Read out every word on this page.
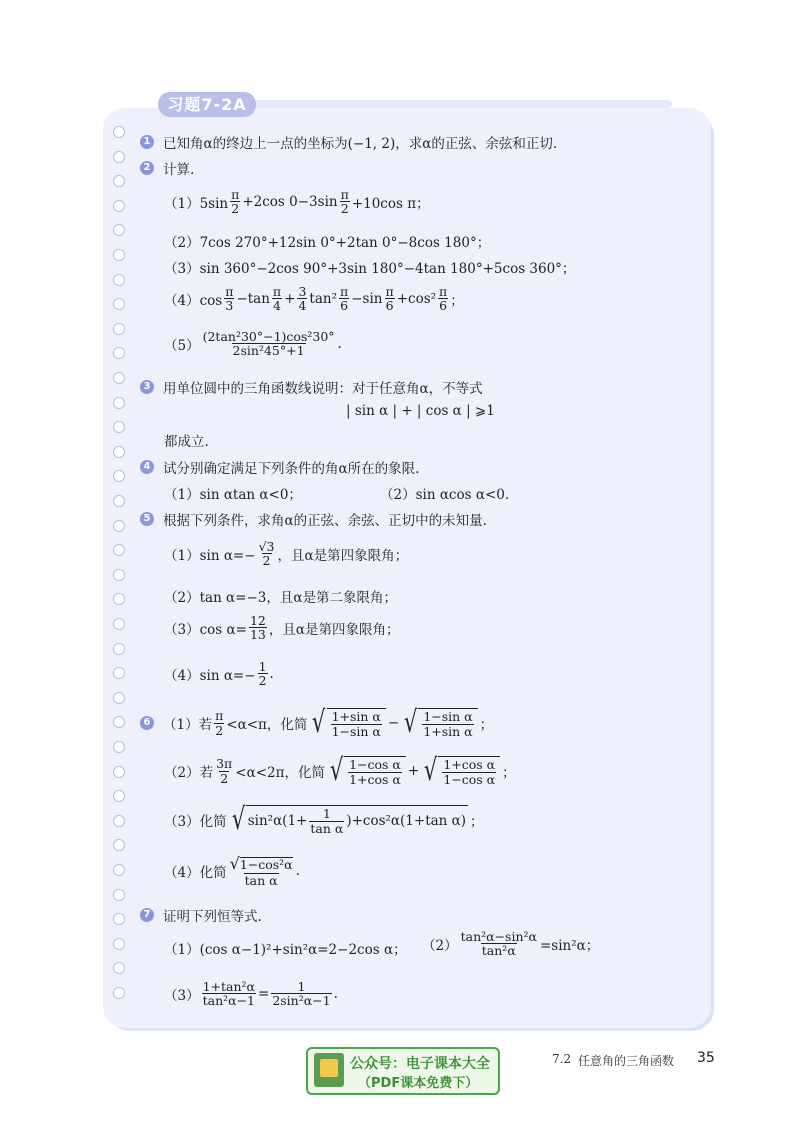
习题7-2A
1 已知角α的终边上一点的坐标为(−1, 2)，求α的正弦、余弦和正切.
2 计算.
$(1)5\sin \frac{\pi}{2} +2\cos$ $0-3\sin \frac{\pi}{2} +10\cos$ π；
（2）7cos 270°+12sin 0°+2tan 0°−8cos 180°；
（3）sin 360°−2cos 90°+3sin 180°−4tan 180°+5cos 360°；
$(4)\cos \frac{\pi}{3} -\tan \frac{\pi}{4} + \frac{3}{4} \tan^2 \frac{\pi}{6} -\sin \frac{\pi}{6} +\cos^2 \frac{\pi}{6}$ ；
$(5) \frac{\text{(2tan²30°−1)cos²30°}}{\text{2sin²45°+1}}$ .
3 用单位圆中的三角函数线说明：对于任意角α，不等式
| sin α | + | cos α | ⩾1
都成立.
4 试分别确定满足下列条件的角α所在的象限.
（1）sin αtan α<0；	（2）sin αcos α<0.
5 根据下列条件，求角α的正弦、余弦、正切中的未知量.
（1）sin $\alpha=- \frac{√3}{2}$ ，且α是第四象限角；
（2）tan α=−3，且α是第二象限角；
（3）cos $\alpha= \frac{12}{13}$ ，且α是第四象限角；
（4）sin $\alpha=- \frac{1}{2}$ .
6 （1）若 $\frac{\pi}{2} <\alpha<\pi$，化简 √ $\frac{\text{1+sin α}}{\text{1−sin α}}$ − √ $\frac{\text{1−sin α}}{\text{1+sin α}}$ ；
（2）若 $\frac{3\pi}{2} <\alpha<2\pi$，化简 √ $\frac{\text{1−cos α}}{\text{1+cos α}}$ + √ $\frac{\text{1+cos α}}{\text{1−cos α}}$ ；
（3）化简 √ $\sin^2\alpha(1+ \frac{1}{\text{tan α}} )+\cos^2\alpha(1+\tan$ α) ；
（4）化简 $\frac{\text{√ 1−cos²α}}{\text{tan α}}$ .
7 证明下列恒等式.
（1）(cos α−1)²+sin²α=2−2cos α； $(2) \frac{\text{tan²α−sin²α}}{\text{tan²α}} =\sin^2\alpha$；
$(3) \frac{\text{1+tan²α}}{\text{tan²α−1}} = \frac{1}{\text{2sin²α−1}}$ .
7.2 任意角的三角函数 35
公众号：电子课本大全
（PDF课本免费下）
